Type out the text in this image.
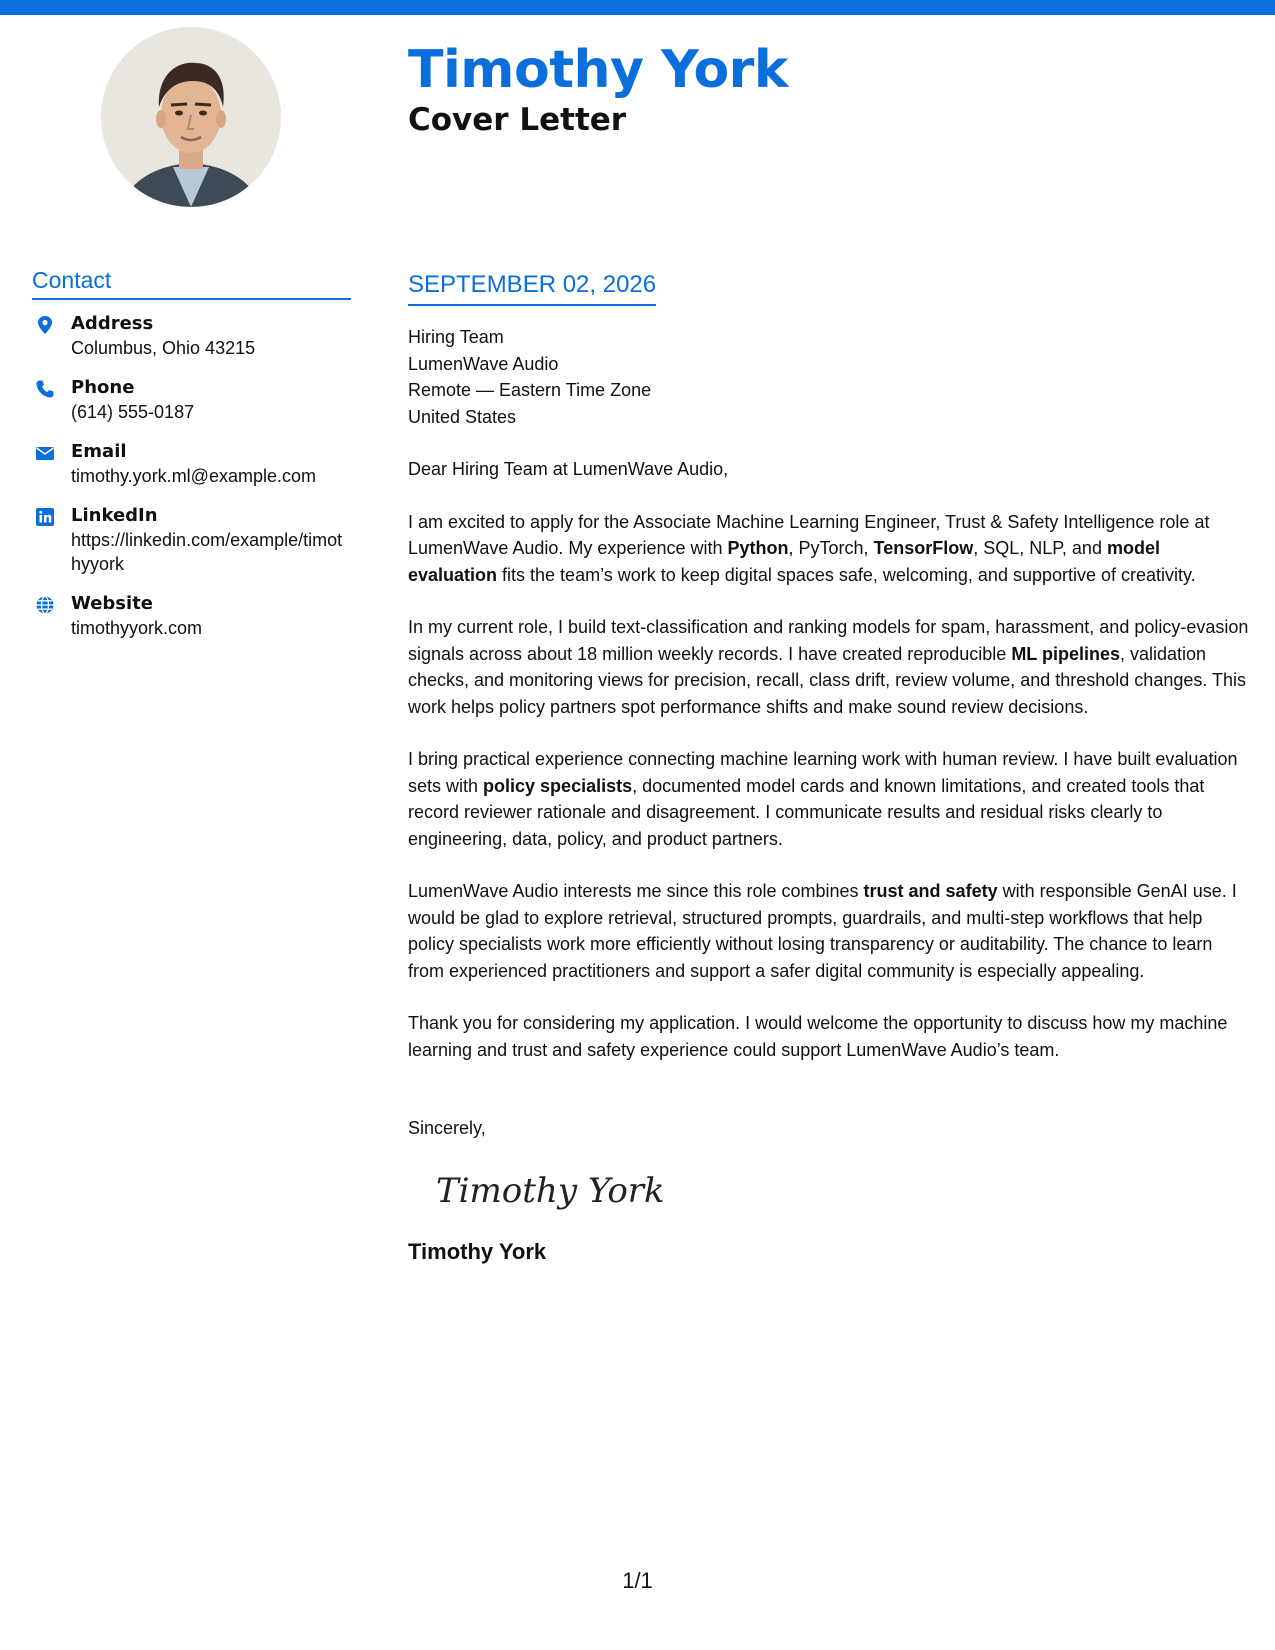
Timothy York
Cover Letter
Contact
Address
Columbus, Ohio 43215
Phone
(614) 555-0187
Email
timothy.york.ml@example.com
LinkedIn
https://linkedin.com/example/timothyyork
Website
timothyyork.com
SEPTEMBER 02, 2026
Hiring Team
LumenWave Audio
Remote — Eastern Time Zone
United States
Dear Hiring Team at LumenWave Audio,
I am excited to apply for the Associate Machine Learning Engineer, Trust & Safety Intelligence role at LumenWave Audio. My experience with Python, PyTorch, TensorFlow, SQL, NLP, and model evaluation fits the team’s work to keep digital spaces safe, welcoming, and supportive of creativity.
In my current role, I build text-classification and ranking models for spam, harassment, and policy-evasion signals across about 18 million weekly records. I have created reproducible ML pipelines, validation checks, and monitoring views for precision, recall, class drift, review volume, and threshold changes. This work helps policy partners spot performance shifts and make sound review decisions.
I bring practical experience connecting machine learning work with human review. I have built evaluation sets with policy specialists, documented model cards and known limitations, and created tools that record reviewer rationale and disagreement. I communicate results and residual risks clearly to engineering, data, policy, and product partners.
LumenWave Audio interests me since this role combines trust and safety with responsible GenAI use. I would be glad to explore retrieval, structured prompts, guardrails, and multi-step workflows that help policy specialists work more efficiently without losing transparency or auditability. The chance to learn from experienced practitioners and support a safer digital community is especially appealing.
Thank you for considering my application. I would welcome the opportunity to discuss how my machine learning and trust and safety experience could support LumenWave Audio’s team.
Sincerely,
Timothy York
Timothy York
1/1
